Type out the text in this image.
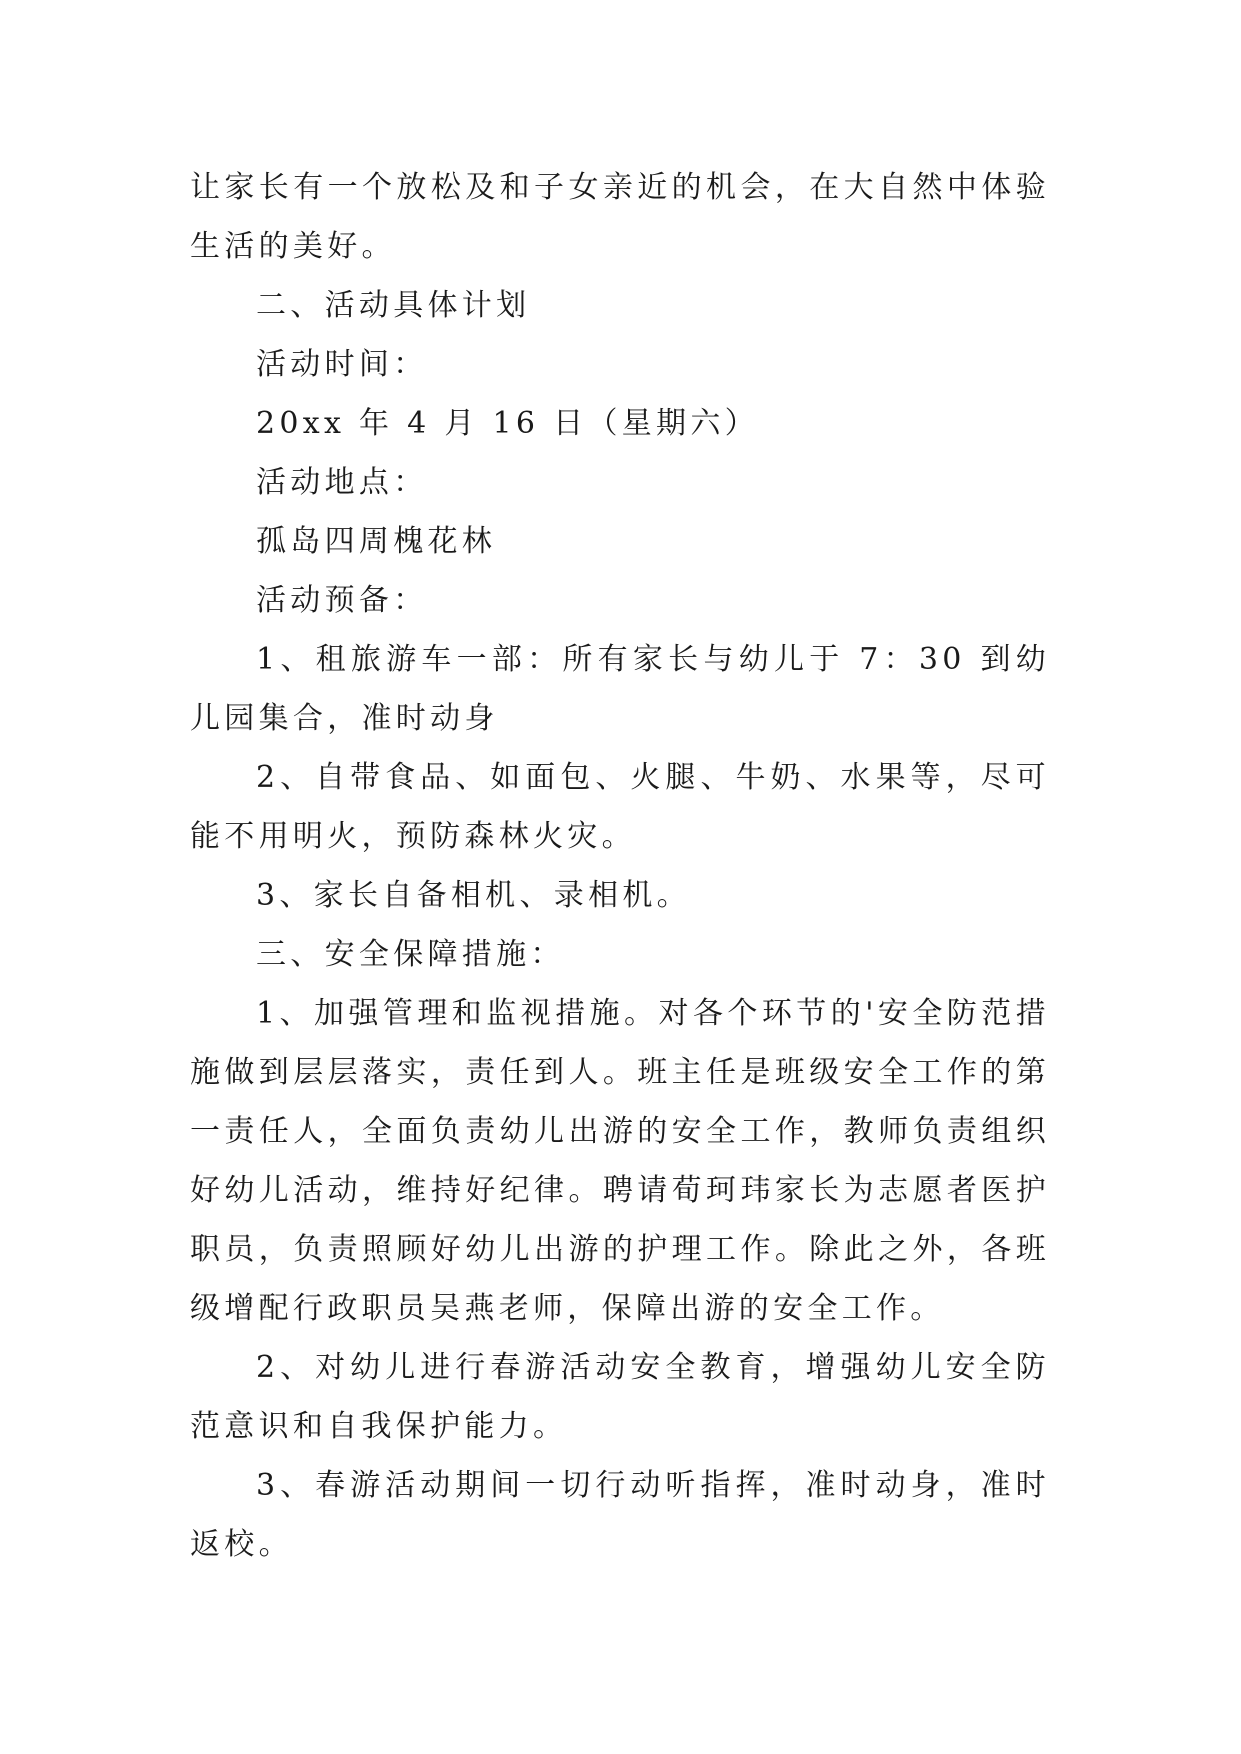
让家长有一个放松及和子女亲近的机会，在大自然中体验生活的美好。

二、活动具体计划

活动时间：

20xx 年 4 月 16 日（星期六）

活动地点：

孤岛四周槐花林

活动预备：

1、租旅游车一部：所有家长与幼儿于 7：30 到幼儿园集合，准时动身

2、自带食品、如面包、火腿、牛奶、水果等，尽可能不用明火，预防森林火灾。

3、家长自备相机、录相机。

三、安全保障措施：

1、加强管理和监视措施。对各个环节的'安全防范措施做到层层落实，责任到人。班主任是班级安全工作的第一责任人，全面负责幼儿出游的安全工作，教师负责组织好幼儿活动，维持好纪律。聘请荀珂玮家长为志愿者医护职员，负责照顾好幼儿出游的护理工作。除此之外，各班级增配行政职员吴燕老师，保障出游的安全工作。

2、对幼儿进行春游活动安全教育，增强幼儿安全防范意识和自我保护能力。

3、春游活动期间一切行动听指挥，准时动身，准时返校。
